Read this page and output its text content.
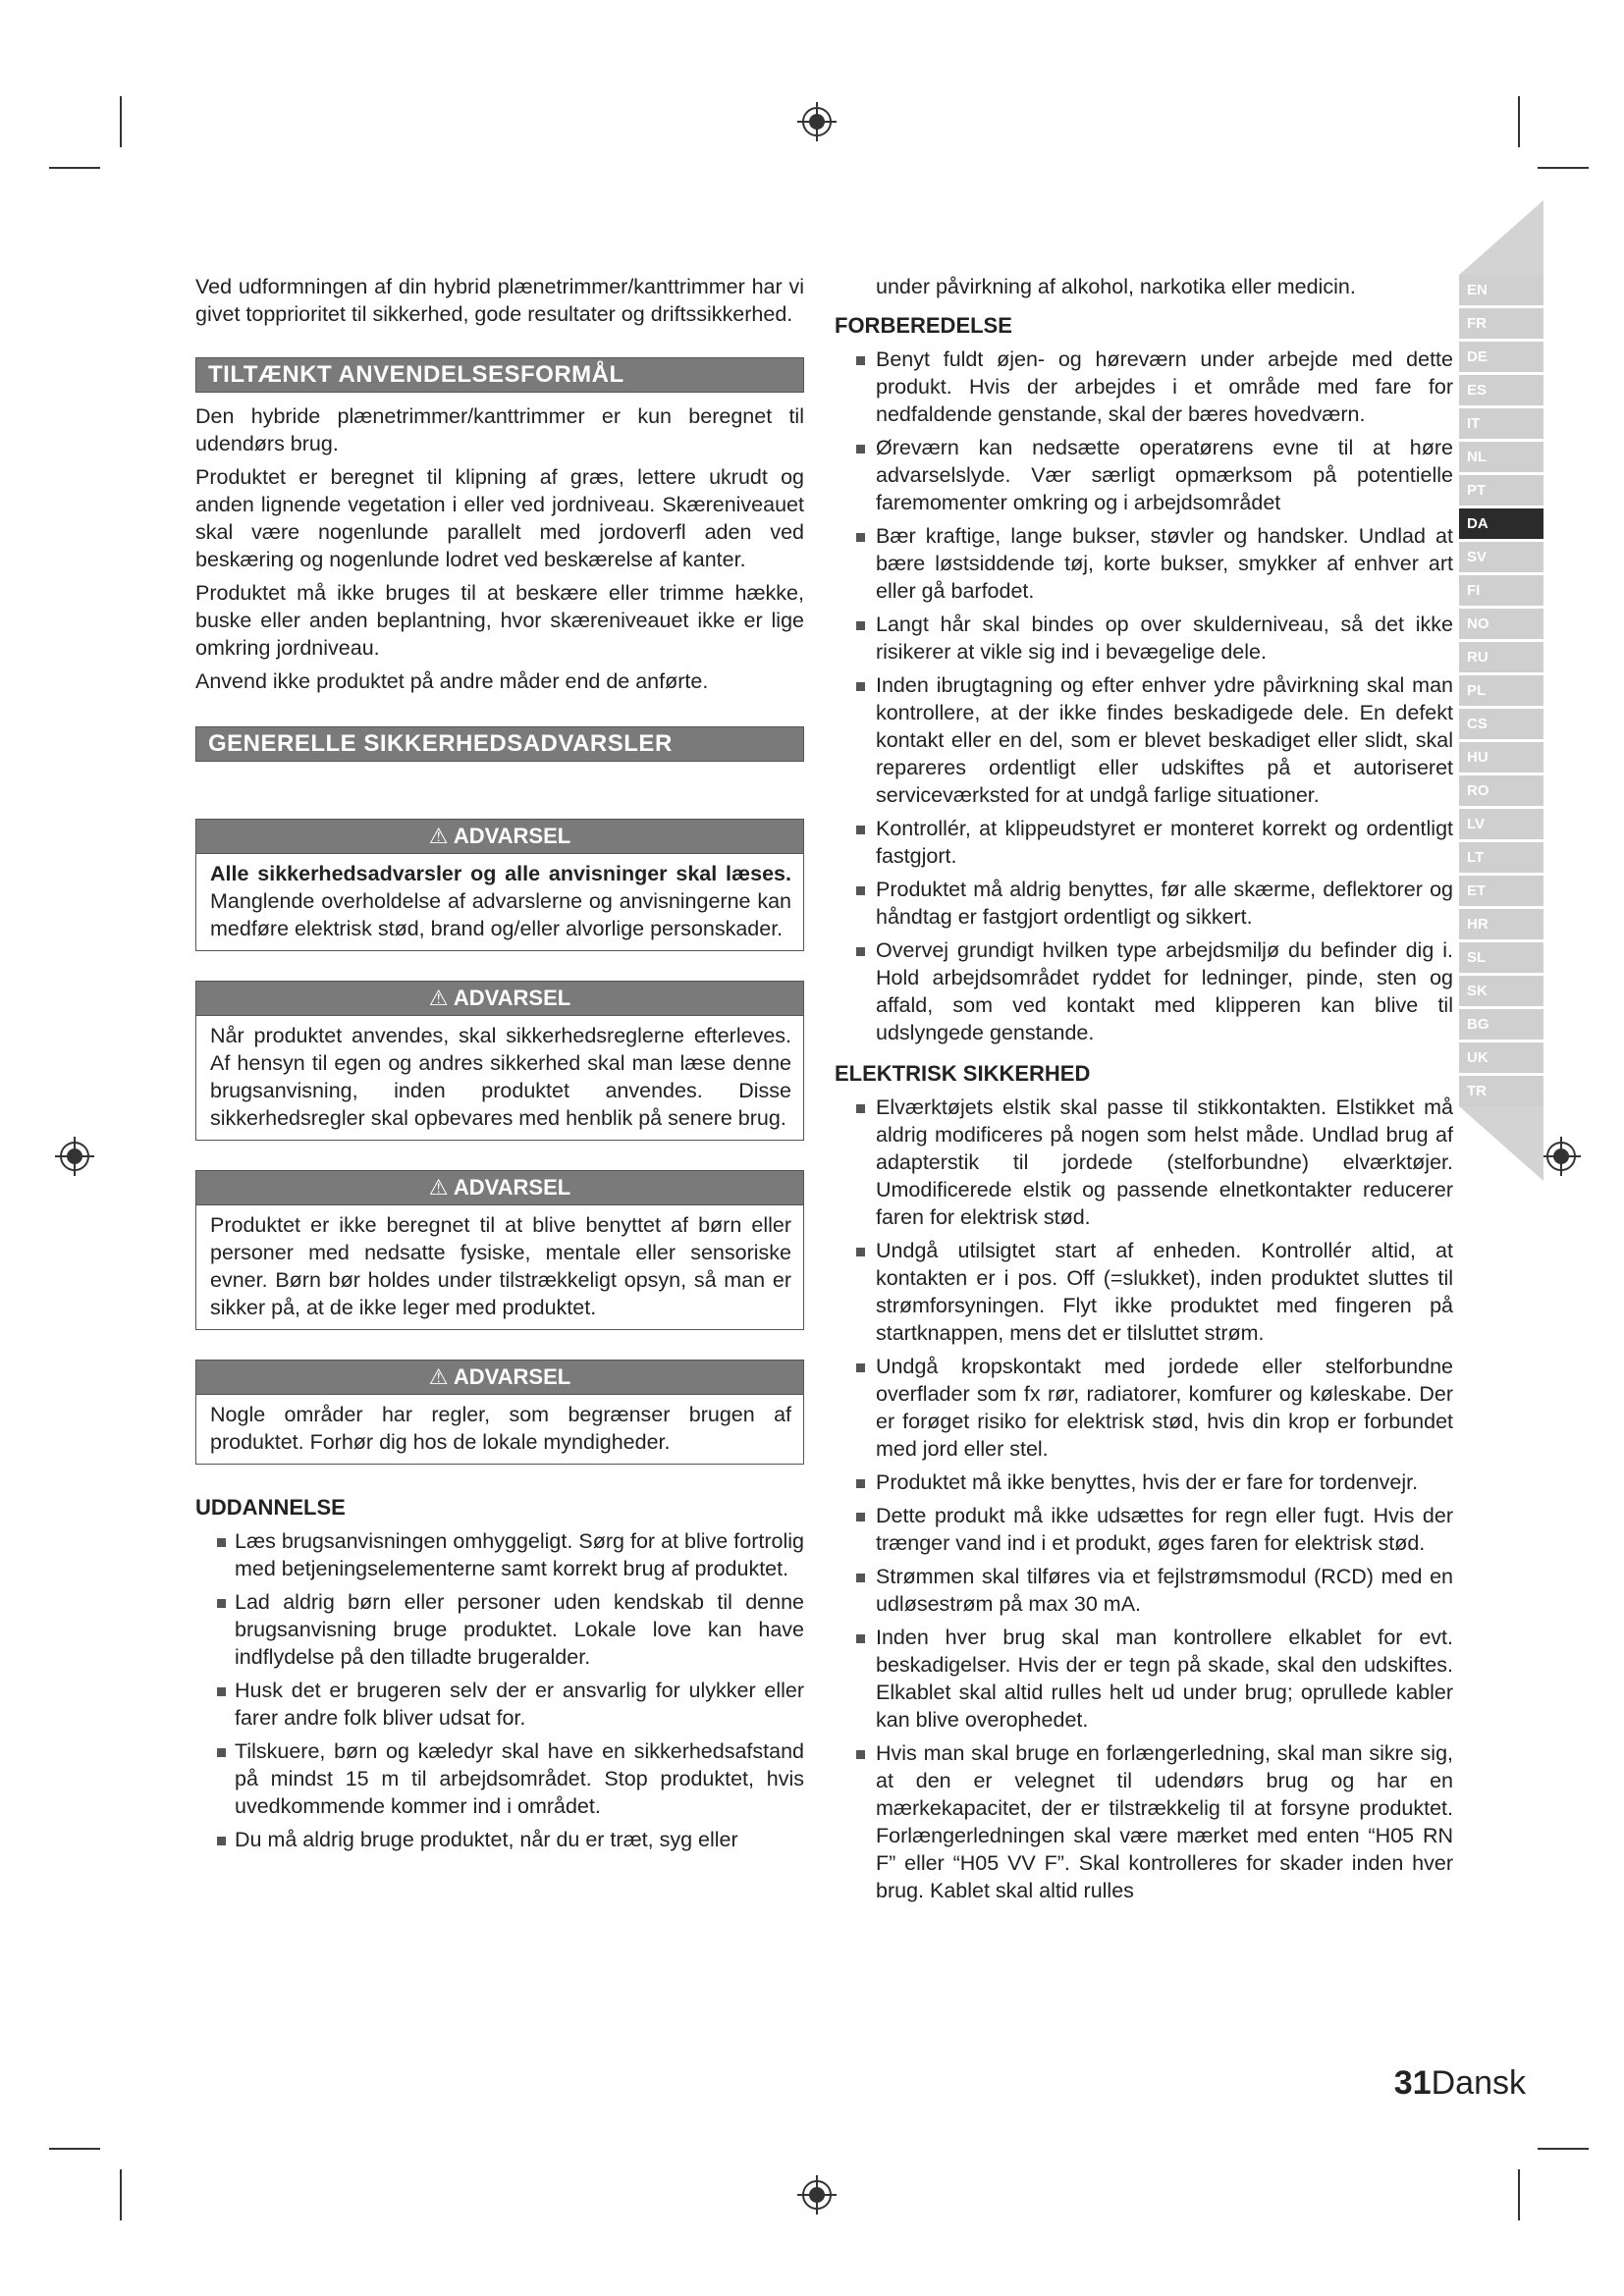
EN
FR
DE
ES
IT
NL
PT
DA
SV
FI
NO
RU
PL
CS
HU
RO
LV
LT
ET
HR
SL
SK
BG
UK
TR

Ved udformningen af din hybrid plænetrimmer/kanttrimmer har vi givet topprioritet til sikkerhed, gode resultater og driftssikkerhed.

TILTÆNKT ANVENDELSESFORMÅL

Den hybride plænetrimmer/kanttrimmer er kun beregnet til udendørs brug.

Produktet er beregnet til klipning af græs, lettere ukrudt og anden lignende vegetation i eller ved jordniveau. Skæreniveauet skal være nogenlunde parallelt med jordoverfl aden ved beskæring og nogenlunde lodret ved beskærelse af kanter.

Produktet må ikke bruges til at beskære eller trimme hække, buske eller anden beplantning, hvor skæreniveauet ikke er lige omkring jordniveau.

Anvend ikke produktet på andre måder end de anførte.

GENERELLE SIKKERHEDSADVARSLER
⚠ ADVARSEL
Alle sikkerhedsadvarsler og alle anvisninger skal læses. Manglende overholdelse af advarslerne og anvisningerne kan medføre elektrisk stød, brand og/eller alvorlige personskader.
⚠ ADVARSEL
Når produktet anvendes, skal sikkerhedsreglerne efterleves. Af hensyn til egen og andres sikkerhed skal man læse denne brugsanvisning, inden produktet anvendes. Disse sikkerhedsregler skal opbevares med henblik på senere brug.
⚠ ADVARSEL
Produktet er ikke beregnet til at blive benyttet af børn eller personer med nedsatte fysiske, mentale eller sensoriske evner. Børn bør holdes under tilstrækkeligt opsyn, så man er sikker på, at de ikke leger med produktet.
⚠ ADVARSEL
Nogle områder har regler, som begrænser brugen af produktet. Forhør dig hos de lokale myndigheder.
UDDANNELSE
Læs brugsanvisningen omhyggeligt. Sørg for at blive fortrolig med betjeningselementerne samt korrekt brug af produktet.
Lad aldrig børn eller personer uden kendskab til denne brugsanvisning bruge produktet. Lokale love kan have indflydelse på den tilladte brugeralder.
Husk det er brugeren selv der er ansvarlig for ulykker eller farer andre folk bliver udsat for.
Tilskuere, børn og kæledyr skal have en sikkerhedsafstand på mindst 15 m til arbejdsområdet. Stop produktet, hvis uvedkommende kommer ind i området.
Du må aldrig bruge produktet, når du er træt, syg eller

under påvirkning af alkohol, narkotika eller medicin.

FORBEREDELSE
Benyt fuldt øjen- og høreværn under arbejde med dette produkt. Hvis der arbejdes i et område med fare for nedfaldende genstande, skal der bæres hovedværn.
Øreværn kan nedsætte operatørens evne til at høre advarselslyde. Vær særligt opmærksom på potentielle faremomenter omkring og i arbejdsområdet
Bær kraftige, lange bukser, støvler og handsker. Undlad at bære løstsiddende tøj, korte bukser, smykker af enhver art eller gå barfodet.
Langt hår skal bindes op over skulderniveau, så det ikke risikerer at vikle sig ind i bevægelige dele.
Inden ibrugtagning og efter enhver ydre påvirkning skal man kontrollere, at der ikke findes beskadigede dele. En defekt kontakt eller en del, som er blevet beskadiget eller slidt, skal repareres ordentligt eller udskiftes på et autoriseret serviceværksted for at undgå farlige situationer.
Kontrollér, at klippeudstyret er monteret korrekt og ordentligt fastgjort.
Produktet må aldrig benyttes, før alle skærme, deflektorer og håndtag er fastgjort ordentligt og sikkert.
Overvej grundigt hvilken type arbejdsmiljø du befinder dig i. Hold arbejdsområdet ryddet for ledninger, pinde, sten og affald, som ved kontakt med klipperen kan blive til udslyngede genstande.
ELEKTRISK SIKKERHED
Elværktøjets elstik skal passe til stikkontakten. Elstikket må aldrig modificeres på nogen som helst måde. Undlad brug af adapterstik til jordede (stelforbundne) elværktøjer. Umodificerede elstik og passende elnetkontakter reducerer faren for elektrisk stød.
Undgå utilsigtet start af enheden. Kontrollér altid, at kontakten er i pos. Off (=slukket), inden produktet sluttes til strømforsyningen. Flyt ikke produktet med fingeren på startknappen, mens det er tilsluttet strøm.
Undgå kropskontakt med jordede eller stelforbundne overflader som fx rør, radiatorer, komfurer og køleskabe. Der er forøget risiko for elektrisk stød, hvis din krop er forbundet med jord eller stel.
Produktet må ikke benyttes, hvis der er fare for tordenvejr.
Dette produkt må ikke udsættes for regn eller fugt. Hvis der trænger vand ind i et produkt, øges faren for elektrisk stød.
Strømmen skal tilføres via et fejlstrømsmodul (RCD) med en udløsestrøm på max 30 mA.
Inden hver brug skal man kontrollere elkablet for evt. beskadigelser. Hvis der er tegn på skade, skal den udskiftes. Elkablet skal altid rulles helt ud under brug; oprullede kabler kan blive overophedet.
Hvis man skal bruge en forlængerledning, skal man sikre sig, at den er velegnet til udendørs brug og har en mærkekapacitet, der er tilstrækkelig til at forsyne produktet. Forlængerledningen skal være mærket med enten “H05 RN F” eller “H05 VV F”. Skal kontrolleres for skader inden hver brug. Kablet skal altid rulles
31Dansk
